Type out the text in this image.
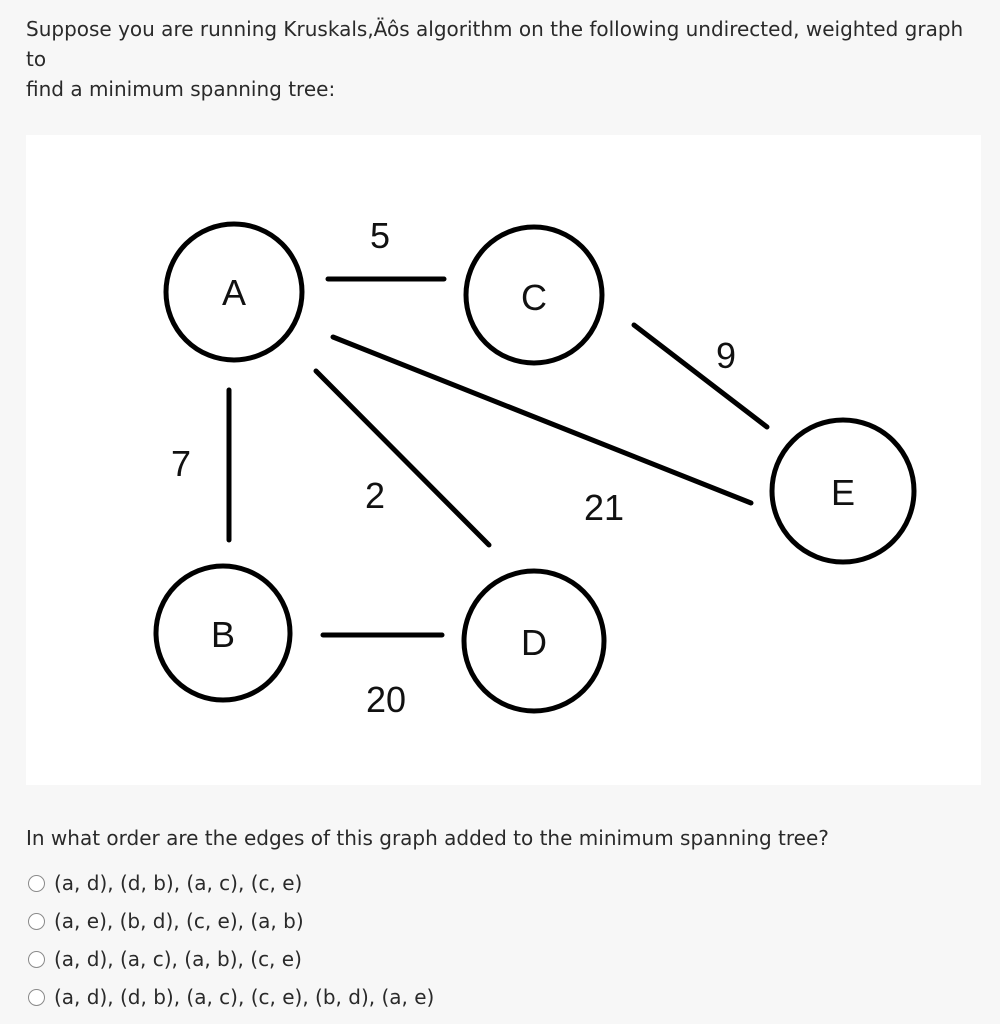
Suppose you are running Kruskals,Äôs algorithm on the following undirected, weighted graph

to

find a minimum spanning tree:

A	C
B	D
E
5
7
2	21
9
20

In what order are the edges of this graph added to the minimum spanning tree?

(a, d), (d, b), (a, c), (c, e)
(a, e), (b, d), (c, e), (a, b)
(a, d), (a, c), (a, b), (c, e)
(a, d), (d, b), (a, c), (c, e), (b, d), (a, e)
